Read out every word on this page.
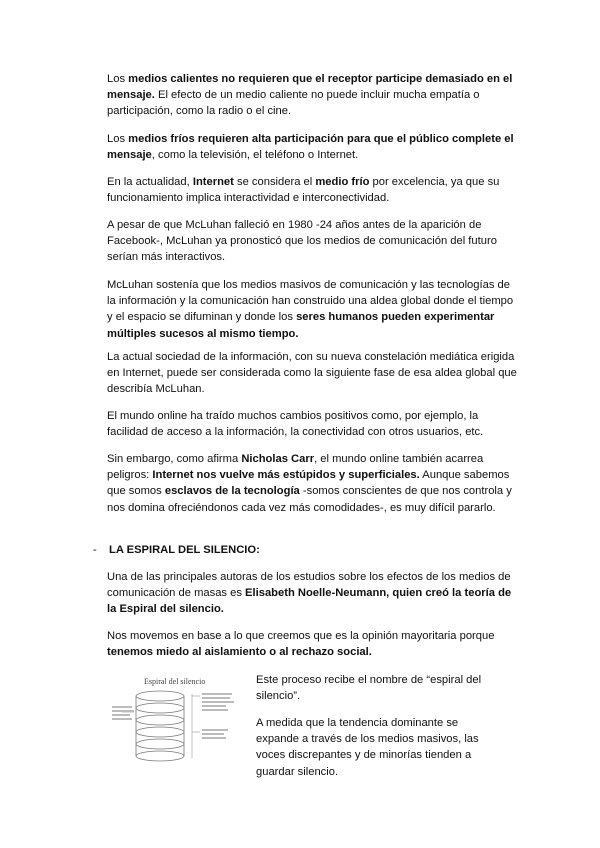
Los medios calientes no requieren que el receptor participe demasiado en el mensaje. El efecto de un medio caliente no puede incluir mucha empatía o participación, como la radio o el cine.

Los medios fríos requieren alta participación para que el público complete el mensaje, como la televisión, el teléfono o Internet.

En la actualidad, Internet se considera el medio frío por excelencia, ya que su funcionamiento implica interactividad e interconectividad.

A pesar de que McLuhan falleció en 1980 -24 años antes de la aparición de Facebook-, McLuhan ya pronosticó que los medios de comunicación del futuro serían más interactivos.

McLuhan sostenía que los medios masivos de comunicación y las tecnologías de la información y la comunicación han construido una aldea global donde el tiempo y el espacio se difuminan y donde los seres humanos pueden experimentar múltiples sucesos al mismo tiempo.

La actual sociedad de la información, con su nueva constelación mediática erigida en Internet, puede ser considerada como la siguiente fase de esa aldea global que describía McLuhan.

El mundo online ha traído muchos cambios positivos como, por ejemplo, la facilidad de acceso a la información, la conectividad con otros usuarios, etc.

Sin embargo, como afirma Nicholas Carr, el mundo online también acarrea peligros: Internet nos vuelve más estúpidos y superficiales. Aunque sabemos que somos esclavos de la tecnología -somos conscientes de que nos controla y nos domina ofreciéndonos cada vez más comodidades-, es muy difícil pararlo.

- LA ESPIRAL DEL SILENCIO:

Una de las principales autoras de los estudios sobre los efectos de los medios de comunicación de masas es Elisabeth Noelle-Neumann, quien creó la teoría de la Espiral del silencio.

Nos movemos en base a lo que creemos que es la opinión mayoritaria porque tenemos miedo al aislamiento o al rechazo social.

Espiral del silencio	Este proceso recibe el nombre de “espiral del silencio”.

A medida que la tendencia dominante se expande a través de los medios masivos, las voces discrepantes y de minorías tienden a guardar silencio.
